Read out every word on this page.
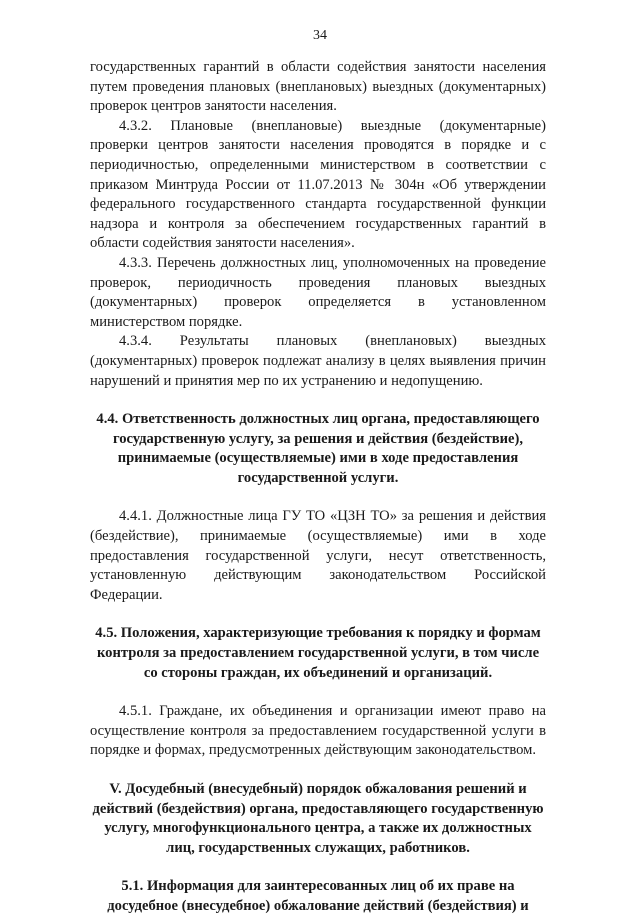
34

государственных гарантий в области содействия занятости населения путем проведения плановых (внеплановых) выездных (документарных) проверок центров занятости населения.

4.3.2. Плановые (внеплановые) выездные (документарные) проверки центров занятости населения проводятся в порядке и с периодичностью, определенными министерством в соответствии с приказом Минтруда России от 11.07.2013 № 304н «Об утверждении федерального государственного стандарта государственной функции надзора и контроля за обеспечением государственных гарантий в области содействия занятости населения».

4.3.3. Перечень должностных лиц, уполномоченных на проведение проверок, периодичность проведения плановых выездных (документарных) проверок определяется в установленном министерством порядке.

4.3.4. Результаты плановых (внеплановых) выездных (документарных) проверок подлежат анализу в целях выявления причин нарушений и принятия мер по их устранению и недопущению.

4.4. Ответственность должностных лиц органа, предоставляющего государственную услугу, за решения и действия (бездействие), принимаемые (осуществляемые) ими в ходе предоставления государственной услуги.

4.4.1. Должностные лица ГУ ТО «ЦЗН ТО» за решения и действия (бездействие), принимаемые (осуществляемые) ими в ходе предоставления государственной услуги, несут ответственность, установленную действующим законодательством Российской Федерации.

4.5. Положения, характеризующие требования к порядку и формам контроля за предоставлением государственной услуги, в том числе со стороны граждан, их объединений и организаций.

4.5.1. Граждане, их объединения и организации имеют право на осуществление контроля за предоставлением государственной услуги в порядке и формах, предусмотренных действующим законодательством.

V. Досудебный (внесудебный) порядок обжалования решений и действий (бездействия) органа, предоставляющего государственную услугу, многофункционального центра, а также их должностных лиц, государственных служащих, работников.

5.1. Информация для заинтересованных лиц об их праве на досудебное (внесудебное) обжалование действий (бездействия) и
